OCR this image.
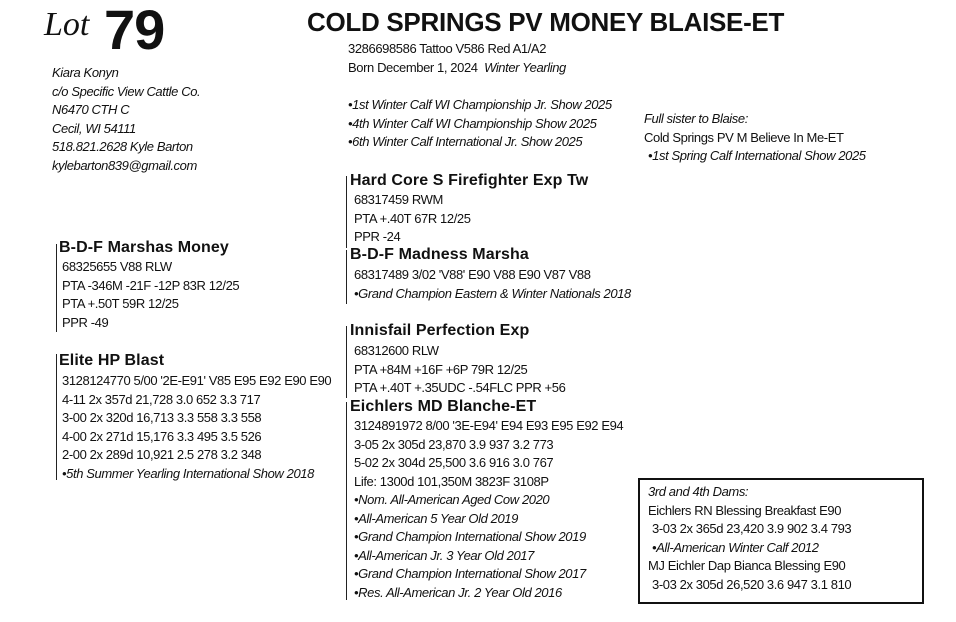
Lot 79	COLD SPRINGS PV MONEY BLAISE-ET
3286698586 Tattoo V586 Red A1/A2
Born December 1, 2024 Winter Yearling
•1st Winter Calf WI Championship Jr. Show 2025
•4th Winter Calf WI Championship Show 2025
•6th Winter Calf International Jr. Show 2025
Kiara Konyn
c/o Specific View Cattle Co.
N6470 CTH C
Cecil, WI 54111
518.821.2628 Kyle Barton
kylebarton839@gmail.com
Full sister to Blaise:
Cold Springs PV M Believe In Me-ET
•1st Spring Calf International Show 2025
Hard Core S Firefighter Exp Tw
68317459 RWM
PTA +.40T 67R 12/25
PPR -24
B-D-F Madness Marsha
68317489 3/02 'V88' E90 V88 E90 V87 V88
•Grand Champion Eastern & Winter Nationals 2018
B-D-F Marshas Money
68325655 V88 RLW
PTA -346M -21F -12P 83R 12/25
PTA +.50T 59R 12/25
PPR -49
Elite HP Blast
3128124770 5/00 '2E-E91' V85 E95 E92 E90 E90
4-11 2x 357d 21,728 3.0 652 3.3 717
3-00 2x 320d 16,713 3.3 558 3.3 558
4-00 2x 271d 15,176 3.3 495 3.5 526
2-00 2x 289d 10,921 2.5 278 3.2 348
•5th Summer Yearling International Show 2018
Innisfail Perfection Exp
68312600 RLW
PTA +84M +16F +6P 79R 12/25
PTA +.40T +.35UDC -.54FLC PPR +56
Eichlers MD Blanche-ET
3124891972 8/00 '3E-E94' E94 E93 E95 E92 E94
3-05 2x 305d 23,870 3.9 937 3.2 773
5-02 2x 304d 25,500 3.6 916 3.0 767
Life: 1300d 101,350M 3823F 3108P
•Nom. All-American Aged Cow 2020
•All-American 5 Year Old 2019
•Grand Champion International Show 2019
•All-American Jr. 3 Year Old 2017
•Grand Champion International Show 2017
•Res. All-American Jr. 2 Year Old 2016
3rd and 4th Dams:
Eichlers RN Blessing Breakfast E90
3-03 2x 365d 23,420 3.9 902 3.4 793
•All-American Winter Calf 2012
MJ Eichler Dap Bianca Blessing E90
3-03 2x 305d 26,520 3.6 947 3.1 810
